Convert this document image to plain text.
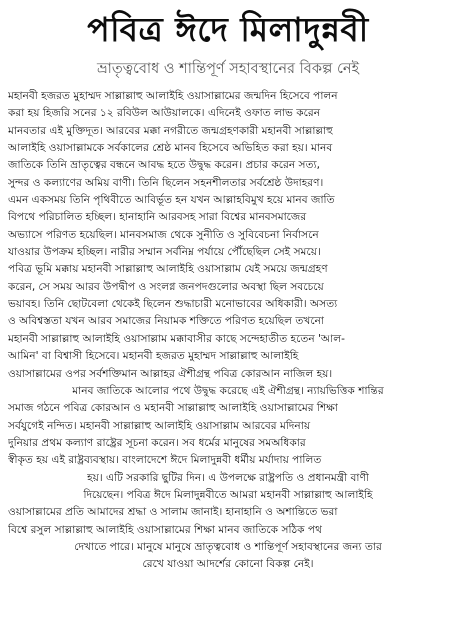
পবিত্র ঈদে মিলাদুন্নবী
ভ্রাতৃত্ববোধ ও শান্তিপূর্ণ সহাবস্থানের বিকল্প নেই
মহানবী হজরত মুহাম্মদ সাল্লাল্লাহু আলাইহি ওয়াসাল্লামের জন্মদিন হিসেবে পালন
করা হয় হিজরি সনের ১২ রবিউল আউয়ালকে। এদিনেই ওফাত লাভ করেন
মানবতার এই মুক্তিদূত। আরবের মক্কা নগরীতে জন্মগ্রহণকারী মহানবী সাল্লাল্লাহু
আলাইহি ওয়াসাল্লামকে সর্বকালের শ্রেষ্ঠ মানব হিসেবে অভিহিত করা হয়। মানব
জাতিকে তিনি ভ্রাতৃত্বের বন্ধনে আবদ্ধ হতে উদ্বুদ্ধ করেন। প্রচার করেন সত্য,
সুন্দর ও কল্যাণের অমিয় বাণী। তিনি ছিলেন সহনশীলতার সর্বশ্রেষ্ঠ উদাহরণ।
এমন একসময় তিনি পৃথিবীতে আবির্ভূত হন যখন আল্লাহবিমুখ হয়ে মানব জাতি
বিপথে পরিচালিত হচ্ছিল। হানাহানি আরবসহ সারা বিশ্বের মানবসমাজের
অভ্যাসে পরিণত হয়েছিল। মানবসমাজ থেকে সুনীতি ও সুবিবেচনা নির্বাসনে
যাওয়ার উপক্রম হচ্ছিল। নারীর সম্মান সর্বনিম্ন পর্যায়ে পৌঁছেছিল সেই সময়ে।
পবিত্র ভূমি মক্কায় মহানবী সাল্লাল্লাহু আলাইহি ওয়াসাল্লাম যেই সময়ে জন্মগ্রহণ
করেন, সে সময় আরব উপদ্বীপ ও সংলগ্ন জনপদগুলোর অবস্থা ছিল সবচেয়ে
ভয়াবহ। তিনি ছোটবেলা থেকেই ছিলেন শুদ্ধাচারী মনোভাবের অধিকারী। অসত্য
ও অবিশ্বস্ততা যখন আরব সমাজের নিয়ামক শক্তিতে পরিণত হয়েছিল তখনো
মহানবী সাল্লাল্লাহু আলাইহি ওয়াসাল্লাম মক্কাবাসীর কাছে সন্দেহাতীত হতেন 'আল-
আমিন' বা বিশ্বাসী হিসেবে। মহানবী হজরত মুহাম্মদ সাল্লাল্লাহু আলাইহি
ওয়াসাল্লামের ওপর সর্বশক্তিমান আল্লাহর ঐশীগ্রন্থ পবিত্র কোরআন নাজিল হয়।
মানব জাতিকে আলোর পথে উদ্বুদ্ধ করেছে এই ঐশীগ্রন্থ। ন্যায়ভিত্তিক শান্তির
সমাজ গঠনে পবিত্র কোরআন ও মহানবী সাল্লাল্লাহু আলাইহি ওয়াসাল্লামের শিক্ষা
সর্বযুগেই নন্দিত। মহানবী সাল্লাল্লাহু আলাইহি ওয়াসাল্লাম আরবের মদিনায়
দুনিয়ার প্রথম কল্যাণ রাষ্ট্রের সূচনা করেন। সব ধর্মের মানুষের সমঅধিকার
স্বীকৃত হয় এই রাষ্ট্রব্যবস্থায়। বাংলাদেশে ঈদে মিলাদুন্নবী ধর্মীয় মর্যাদায় পালিত
হয়। এটি সরকারি ছুটির দিন। এ উপলক্ষে রাষ্ট্রপতি ও প্রধানমন্ত্রী বাণী
দিয়েছেন। পবিত্র ঈদে মিলাদুন্নবীতে আমরা মহানবী সাল্লাল্লাহু আলাইহি
ওয়াসাল্লামের প্রতি আমাদের শ্রদ্ধা ও সালাম জানাই। হানাহানি ও অশান্তিতে ভরা
বিশ্বে রসুল সাল্লাল্লাহু আলাইহি ওয়াসাল্লামের শিক্ষা মানব জাতিকে সঠিক পথ
দেখাতে পারে। মানুষে মানুষে ভ্রাতৃত্ববোধ ও শান্তিপূর্ণ সহাবস্থানের জন্য তার
রেখে যাওয়া আদর্শের কোনো বিকল্প নেই।
